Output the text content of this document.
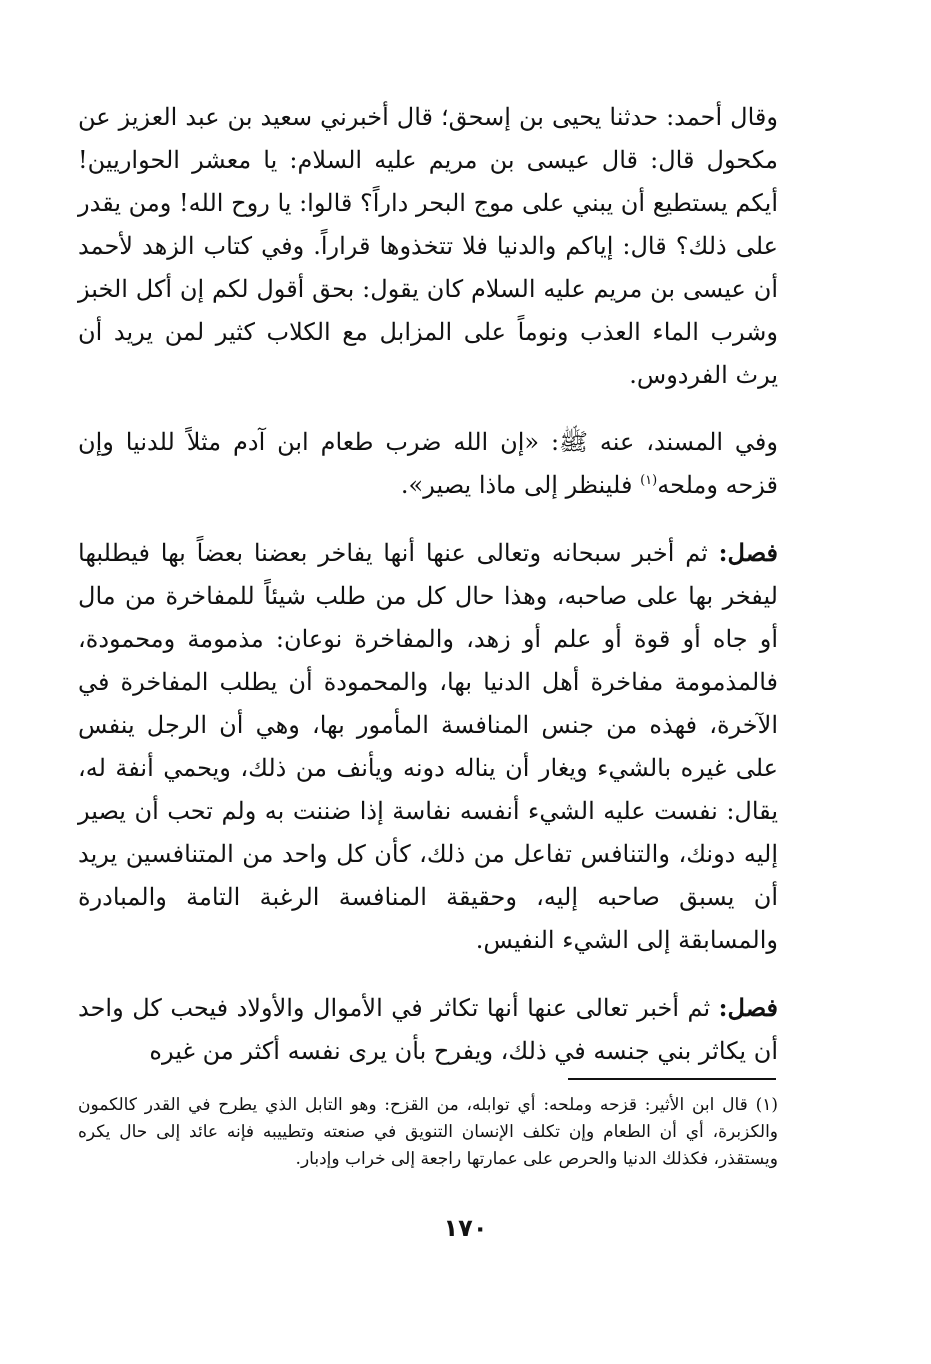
وقال أحمد: حدثنا يحيى بن إسحق؛ قال أخبرني سعيد بن عبد العزيز عن مكحول قال: قال عيسى بن مريم عليه السلام: يا معشر الحواريين! أيكم يستطيع أن يبني على موج البحر داراً؟ قالوا: يا روح الله! ومن يقدر على ذلك؟ قال: إياكم والدنيا فلا تتخذوها قراراً. وفي كتاب الزهد لأحمد أن عيسى بن مريم عليه السلام كان يقول: بحق أقول لكم إن أكل الخبز وشرب الماء العذب ونوماً على المزابل مع الكلاب كثير لمن يريد أن يرث الفردوس.

وفي المسند، عنه ﷺ: «إن الله ضرب طعام ابن آدم مثلاً للدنيا وإن قزحه وملحه$^{(١)}$ فلينظر إلى ماذا يصير».

فصل: ثم أخبر سبحانه وتعالى عنها أنها يفاخر بعضنا بعضاً بها فيطلبها ليفخر بها على صاحبه، وهذا حال كل من طلب شيئاً للمفاخرة من مال أو جاه أو قوة أو علم أو زهد، والمفاخرة نوعان: مذمومة ومحمودة، فالمذمومة مفاخرة أهل الدنيا بها، والمحمودة أن يطلب المفاخرة في الآخرة، فهذه من جنس المنافسة المأمور بها، وهي أن الرجل ينفس على غيره بالشيء ويغار أن يناله دونه ويأنف من ذلك، ويحمي أنفة له، يقال: نفست عليه الشيء أنفسه نفاسة إذا ضننت به ولم تحب أن يصير إليه دونك، والتنافس تفاعل من ذلك، كأن كل واحد من المتنافسين يريد أن يسبق صاحبه إليه، وحقيقة المنافسة الرغبة التامة والمبادرة والمسابقة إلى الشيء النفيس.

فصل: ثم أخبر تعالى عنها أنها تكاثر في الأموال والأولاد فيحب كل واحد أن يكاثر بني جنسه في ذلك، ويفرح بأن يرى نفسه أكثر من غيره

(١) قال ابن الأثير: قزحه وملحه: أي توابله، من القزح: وهو التابل الذي يطرح في القدر كالكمون والكزبرة، أي أن الطعام وإن تكلف الإنسان التنويق في صنعته وتطييبه فإنه عائد إلى حال يكره ويستقذر، فكذلك الدنيا والحرص على عمارتها راجعة إلى خراب وإدبار.

١٧٠
